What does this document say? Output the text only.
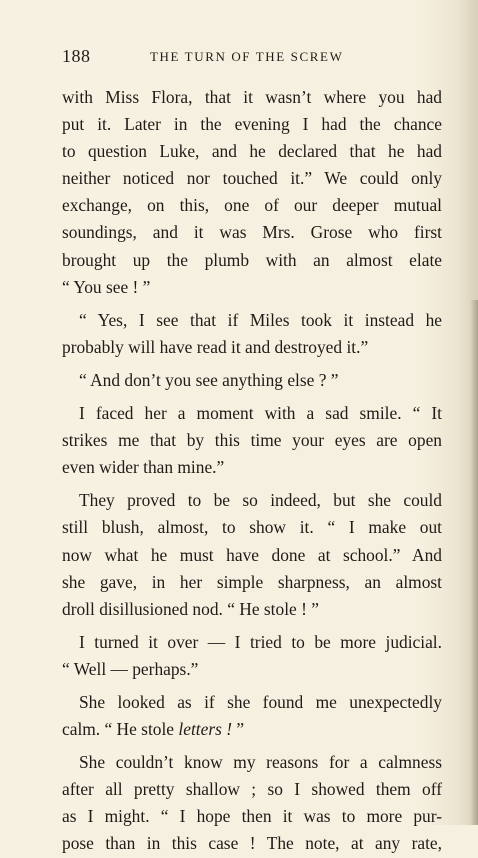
188	THE TURN OF THE SCREW
with Miss Flora, that it wasn’t where you had
put it. Later in the evening I had the chance
to question Luke, and he declared that he had
neither noticed nor touched it.” We could only
exchange, on this, one of our deeper mutual
soundings, and it was Mrs. Grose who first
brought up the plumb with an almost elate
“ You see ! ”
“ Yes, I see that if Miles took it instead he
probably will have read it and destroyed it.”
“ And don’t you see anything else ? ”
I faced her a moment with a sad smile. “ It
strikes me that by this time your eyes are open
even wider than mine.”
They proved to be so indeed, but she could
still blush, almost, to show it. “ I make out
now what he must have done at school.” And
she gave, in her simple sharpness, an almost
droll disillusioned nod. “ He stole ! ”
I turned it over — I tried to be more judicial.
“ Well — perhaps.”
She looked as if she found me unexpectedly
calm. “ He stole letters ! ”
She couldn’t know my reasons for a calmness
after all pretty shallow ; so I showed them off
as I might. “ I hope then it was to more pur-
pose than in this case ! The note, at any rate,
